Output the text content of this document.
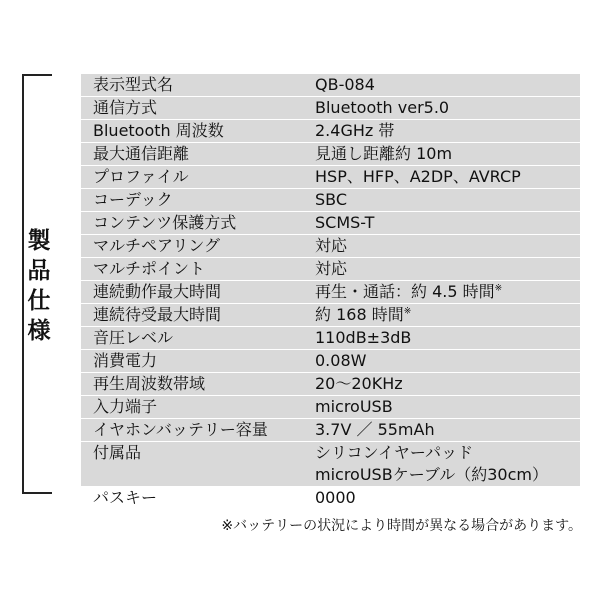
製
品
仕
様
表示型式名	QB-084
通信方式	Bluetooth ver5.0
Bluetooth 周波数	2.4GHz 帯
最大通信距離	見通し距離約 10m
プロファイル	HSP、HFP、A2DP、AVRCP
コーデック	SBC
コンテンツ保護方式	SCMS-T
マルチペアリング	対応
マルチポイント	対応
連続動作最大時間	再生・通話：約 4.5 時間※
連続待受最大時間	約 168 時間※
音圧レベル	110dB±3dB
消費電力	0.08W
再生周波数帯域	20～20KHz
入力端子	microUSB
イヤホンバッテリー容量	3.7V ／ 55mAh
付属品	シリコンイヤーパッド
microUSBケーブル（約30cm）

パスキー	0000
※バッテリーの状況により時間が異なる場合があります。
